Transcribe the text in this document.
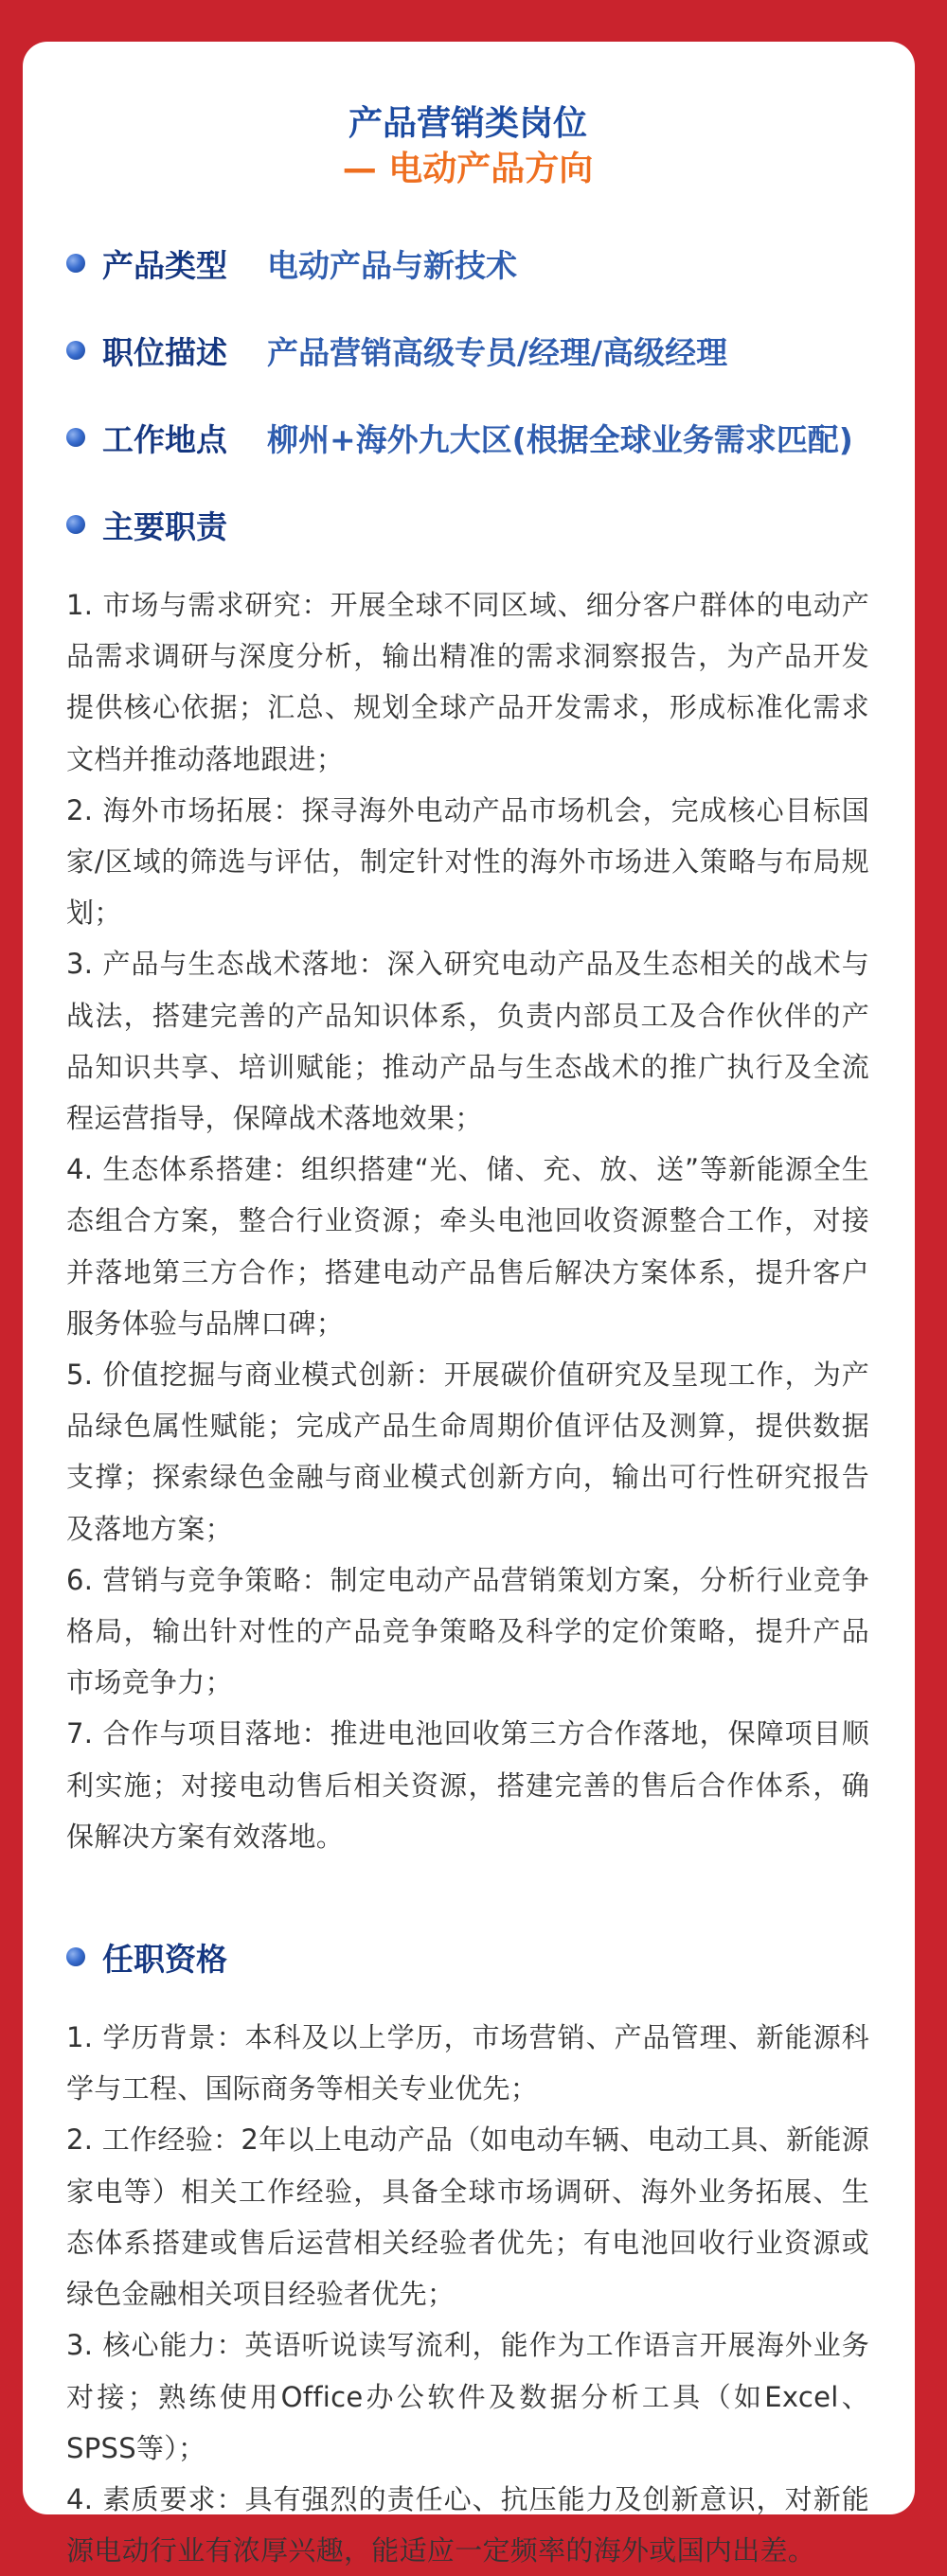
产品营销类岗位
— 电动产品方向
产品类型	电动产品与新技术
职位描述	产品营销高级专员/经理/高级经理
工作地点	柳州+海外九大区(根据全球业务需求匹配)
主要职责

1. 市场与需求研究：开展全球不同区域、细分客户群体的电动产品需求调研与深度分析，输出精准的需求洞察报告，为产品开发提供核心依据；汇总、规划全球产品开发需求，形成标准化需求文档并推动落地跟进；

2. 海外市场拓展：探寻海外电动产品市场机会，完成核心目标国家/区域的筛选与评估，制定针对性的海外市场进入策略与布局规划；

3. 产品与生态战术落地：深入研究电动产品及生态相关的战术与战法，搭建完善的产品知识体系，负责内部员工及合作伙伴的产品知识共享、培训赋能；推动产品与生态战术的推广执行及全流程运营指导，保障战术落地效果；

4. 生态体系搭建：组织搭建“光、储、充、放、送”等新能源全生态组合方案，整合行业资源；牵头电池回收资源整合工作，对接并落地第三方合作；搭建电动产品售后解决方案体系，提升客户服务体验与品牌口碑；

5. 价值挖掘与商业模式创新：开展碳价值研究及呈现工作，为产品绿色属性赋能；完成产品生命周期价值评估及测算，提供数据支撑；探索绿色金融与商业模式创新方向，输出可行性研究报告及落地方案；

6. 营销与竞争策略：制定电动产品营销策划方案，分析行业竞争格局，输出针对性的产品竞争策略及科学的定价策略，提升产品市场竞争力；

7. 合作与项目落地：推进电池回收第三方合作落地，保障项目顺利实施；对接电动售后相关资源，搭建完善的售后合作体系，确保解决方案有效落地。

任职资格

1. 学历背景：本科及以上学历，市场营销、产品管理、新能源科学与工程、国际商务等相关专业优先；

2. 工作经验：2年以上电动产品（如电动车辆、电动工具、新能源家电等）相关工作经验，具备全球市场调研、海外业务拓展、生态体系搭建或售后运营相关经验者优先；有电池回收行业资源或绿色金融相关项目经验者优先；

3. 核心能力：英语听说读写流利，能作为工作语言开展海外业务对接；熟练使用Office办公软件及数据分析工具（如Excel、SPSS等）；

4. 素质要求：具有强烈的责任心、抗压能力及创新意识，对新能源电动行业有浓厚兴趣，能适应一定频率的海外或国内出差。
